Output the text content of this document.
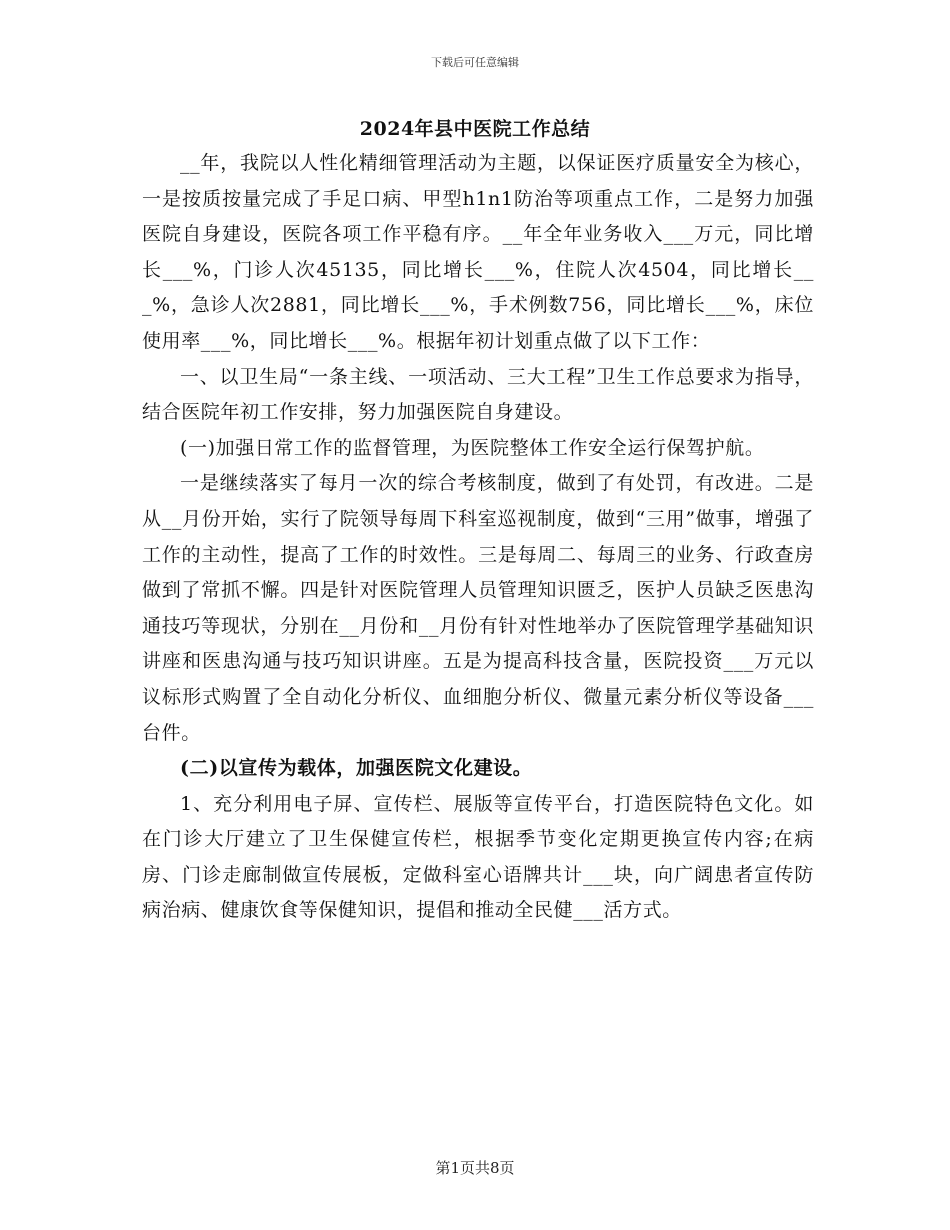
下载后可任意编辑
2024年县中医院工作总结

__年，我院以人性化精细管理活动为主题，以保证医疗质量安全为核心，一是按质按量完成了手足口病、甲型h1n1防治等项重点工作，二是努力加强医院自身建设，医院各项工作平稳有序。__年全年业务收入___万元，同比增长___%，门诊人次45135，同比增长___%，住院人次4504，同比增长___%，急诊人次2881，同比增长___%，手术例数756，同比增长___%，床位使用率___%，同比增长___%。根据年初计划重点做了以下工作：

一、以卫生局“一条主线、一项活动、三大工程”卫生工作总要求为指导，结合医院年初工作安排，努力加强医院自身建设。

(一)加强日常工作的监督管理，为医院整体工作安全运行保驾护航。

一是继续落实了每月一次的综合考核制度，做到了有处罚，有改进。二是从__月份开始，实行了院领导每周下科室巡视制度，做到“三用”做事，增强了工作的主动性，提高了工作的时效性。三是每周二、每周三的业务、行政查房做到了常抓不懈。四是针对医院管理人员管理知识匮乏，医护人员缺乏医患沟通技巧等现状，分别在__月份和__月份有针对性地举办了医院管理学基础知识讲座和医患沟通与技巧知识讲座。五是为提高科技含量，医院投资___万元以议标形式购置了全自动化分析仪、血细胞分析仪、微量元素分析仪等设备___台件。

(二)以宣传为载体，加强医院文化建设。

1、充分利用电子屏、宣传栏、展版等宣传平台，打造医院特色文化。如在门诊大厅建立了卫生保健宣传栏，根据季节变化定期更换宣传内容;在病房、门诊走廊制做宣传展板，定做科室心语牌共计___块，向广阔患者宣传防病治病、健康饮食等保健知识，提倡和推动全民健___活方式。

第1页共8页
